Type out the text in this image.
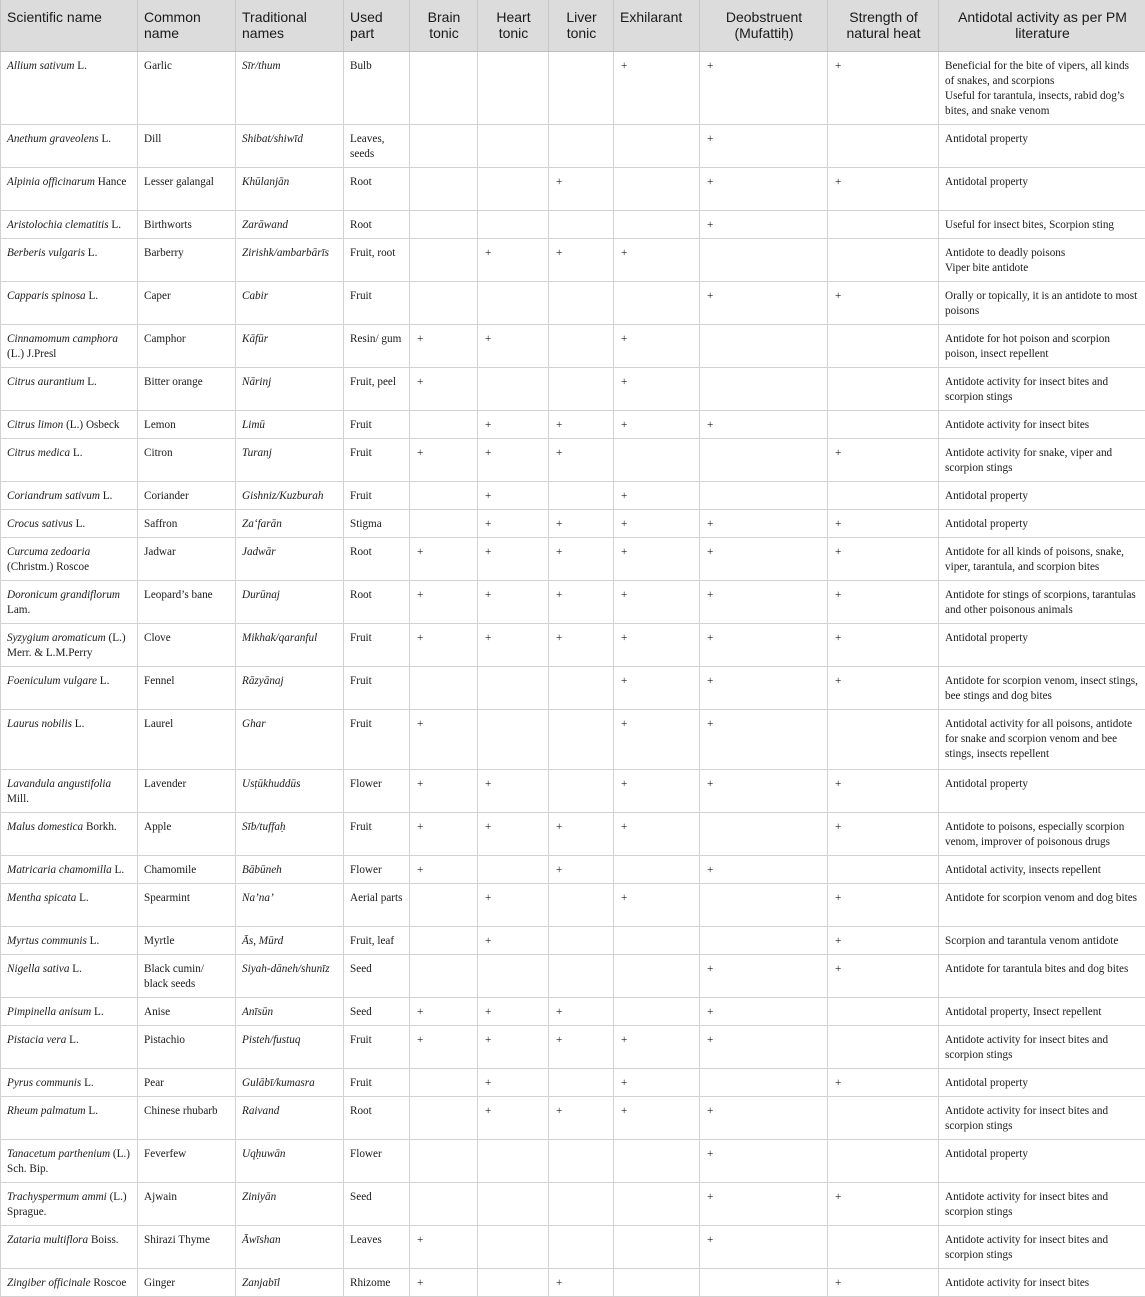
Scientific name	Common name	Traditional names	Used part	Brain tonic	Heart tonic	Liver tonic	Exhilarant	Deobstruent (Mufattiḥ)	Strength of natural heat	Antidotal activity as per PM literature
Allium sativum L.	Garlic	Sīr/thum	Bulb				+	+	+	Beneficial for the bite of vipers, all kinds of snakes, and scorpions
Useful for tarantula, insects, rabid dog’s bites, and snake venom

Anethum graveolens L.	Dill	Shibat/shiwīd	Leaves, seeds					+		Antidotal property

Alpinia officinarum Hance	Lesser galangal	Khūlanjān	Root			+		+	+	Antidotal property

Aristolochia clematitis L.	Birthworts	Zarāwand	Root					+		Useful for insect bites, Scorpion sting

Berberis vulgaris L.	Barberry	Zirishk/ambarbārīs	Fruit, root		+	+	+			Antidote to deadly poisons
Viper bite antidote

Capparis spinosa L.	Caper	Cabir	Fruit					+	+	Orally or topically, it is an antidote to most poisons

Cinnamomum camphora (L.) J.Presl	Camphor	Kāfūr	Resin/ gum	+	+		+			Antidote for hot poison and scorpion poison, insect repellent

Citrus aurantium L.	Bitter orange	Nārinj	Fruit, peel	+			+			Antidote activity for insect bites and scorpion stings

Citrus limon (L.) Osbeck	Lemon	Limū	Fruit		+	+	+	+		Antidote activity for insect bites

Citrus medica L.	Citron	Turanj	Fruit	+	+	+			+	Antidote activity for snake, viper and scorpion stings

Coriandrum sativum L.	Coriander	Gishniz/Kuzburah	Fruit		+		+			Antidotal property

Crocus sativus L.	Saffron	Za‘farān	Stigma		+	+	+	+	+	Antidotal property

Curcuma zedoaria (Christm.) Roscoe	Jadwar	Jadwār	Root	+	+	+	+	+	+	Antidote for all kinds of poisons, snake, viper, tarantula, and scorpion bites

Doronicum grandiflorum Lam.	Leopard’s bane	Durūnaj	Root	+	+	+	+	+	+	Antidote for stings of scorpions, tarantulas and other poisonous animals

Syzygium aromaticum (L.) Merr. & L.M.Perry	Clove	Mikhak/qaranful	Fruit	+	+	+	+	+	+	Antidotal property

Foeniculum vulgare L.	Fennel	Rāzyānaj	Fruit				+	+	+	Antidote for scorpion venom, insect stings, bee stings and dog bites

Laurus nobilis L.	Laurel	Ghar	Fruit	+			+	+		Antidotal activity for all poisons, antidote for snake and scorpion venom and bee stings, insects repellent

Lavandula angustifolia Mill.	Lavender	Usṭūkhuddūs	Flower	+	+		+	+	+	Antidotal property

Malus domestica Borkh.	Apple	Sīb/tuffaḥ	Fruit	+	+	+	+		+	Antidote to poisons, especially scorpion venom, improver of poisonous drugs

Matricaria chamomilla L.	Chamomile	Bābūneh	Flower	+		+		+		Antidotal activity, insects repellent

Mentha spicata L.	Spearmint	Na’na’	Aerial parts		+		+		+	Antidote for scorpion venom and dog bites

Myrtus communis L.	Myrtle	Ās, Mūrd	Fruit, leaf		+				+	Scorpion and tarantula venom antidote

Nigella sativa L.	Black cumin/ black seeds	Siyah-dāneh/shunīz	Seed					+	+	Antidote for tarantula bites and dog bites

Pimpinella anisum L.	Anise	Anīsūn	Seed	+	+	+		+		Antidotal property, Insect repellent

Pistacia vera L.	Pistachio	Pisteh/fustuq	Fruit	+	+	+	+	+		Antidote activity for insect bites and scorpion stings

Pyrus communis L.	Pear	Gulābī/kumasra	Fruit		+		+		+	Antidotal property

Rheum palmatum L.	Chinese rhubarb	Raivand	Root		+	+	+	+		Antidote activity for insect bites and scorpion stings

Tanacetum parthenium (L.) Sch. Bip.	Feverfew	Uqḥuwān	Flower					+		Antidotal property

Trachyspermum ammi (L.) Sprague.	Ajwain	Ziniyān	Seed					+	+	Antidote activity for insect bites and scorpion stings

Zataria multiflora Boiss.	Shirazi Thyme	Āwīshan	Leaves	+				+		Antidote activity for insect bites and scorpion stings

Zingiber officinale Roscoe	Ginger	Zanjabīl	Rhizome	+		+			+	Antidote activity for insect bites
